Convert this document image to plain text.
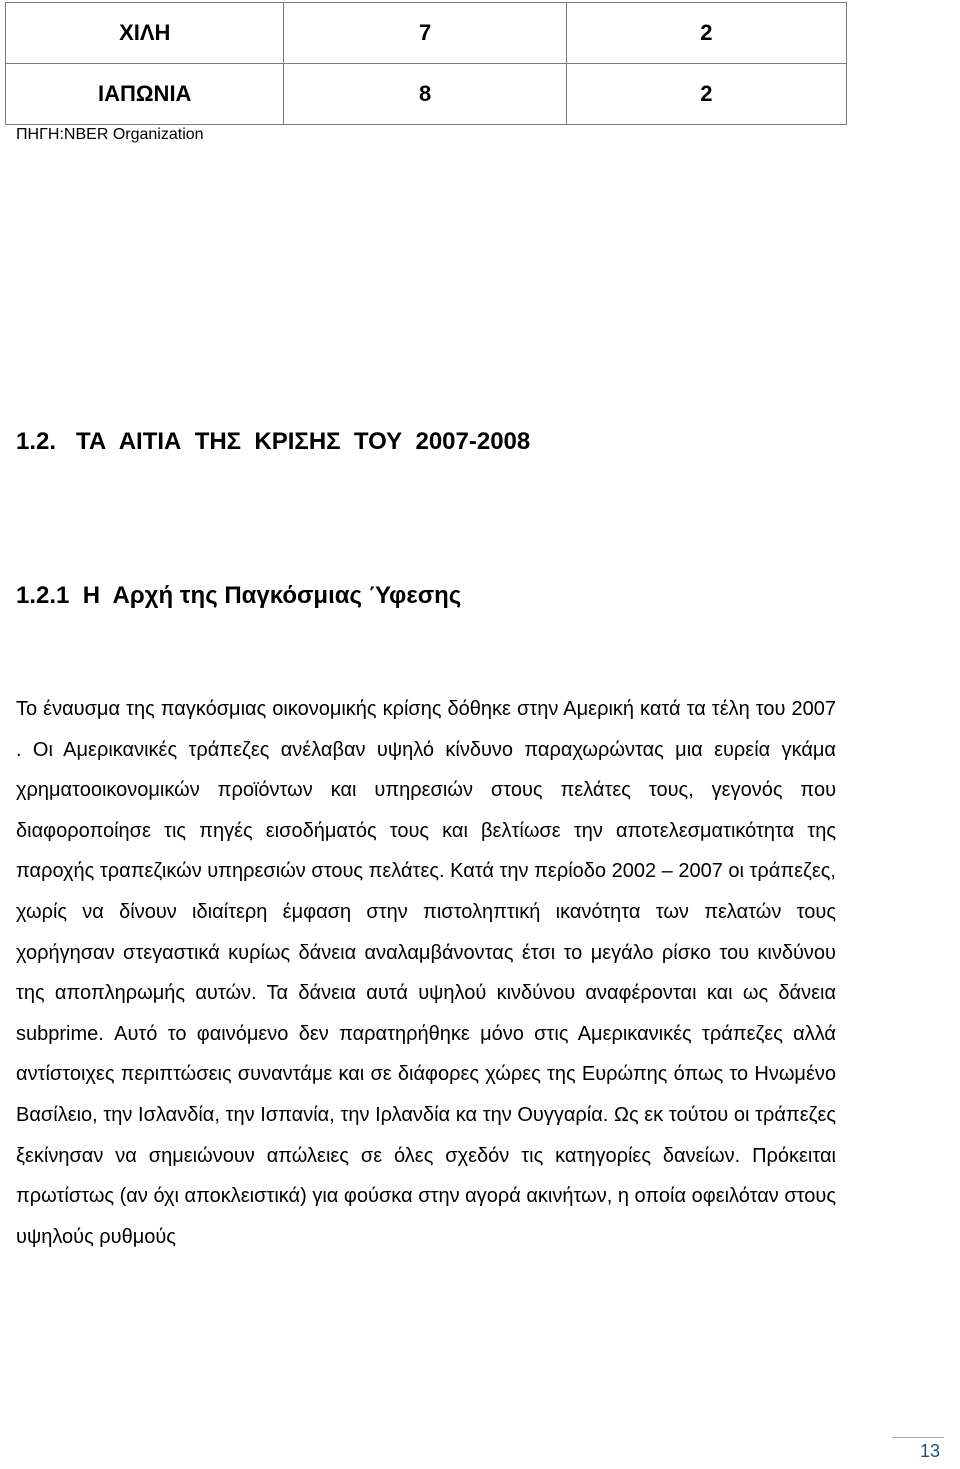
ΧΙΛΗ	7	2
ΙΑΠΩΝΙΑ	8	2
ΠΗΓΗ:NBER Organization
1.2.   ΤΑ  ΑΙΤΙΑ  ΤΗΣ  ΚΡΙΣΗΣ  ΤΟΥ  2007-2008
1.2.1  Η  Αρχή της Παγκόσμιας Ύφεσης

Το έναυσμα της παγκόσμιας οικονομικής κρίσης δόθηκε στην Αμερική κατά τα τέλη του 2007 . Οι Αμερικανικές τράπεζες ανέλαβαν υψηλό κίνδυνο παραχωρώντας μια ευρεία γκάμα χρηματοοικονομικών προϊόντων και υπηρεσιών στους πελάτες τους, γεγονός που διαφοροποίησε τις πηγές εισοδήματός τους και βελτίωσε την αποτελεσματικότητα της παροχής τραπεζικών υπηρεσιών στους πελάτες. Κατά την περίοδο 2002 – 2007 οι τράπεζες, χωρίς να δίνουν ιδιαίτερη έμφαση στην πιστοληπτική ικανότητα των πελατών τους χορήγησαν στεγαστικά κυρίως δάνεια αναλαμβάνοντας έτσι το μεγάλο ρίσκο του κινδύνου της αποπληρωμής αυτών. Τα δάνεια αυτά υψηλού κινδύνου αναφέρονται και ως δάνεια subprime. Αυτό το φαινόμενο δεν παρατηρήθηκε μόνο στις Αμερικανικές τράπεζες αλλά αντίστοιχες περιπτώσεις συναντάμε και σε διάφορες χώρες της Ευρώπης όπως το Ηνωμένο Βασίλειο, την Ισλανδία, την Ισπανία, την Ιρλανδία κα την Ουγγαρία. Ως εκ τούτου οι τράπεζες ξεκίνησαν να σημειώνουν απώλειες σε όλες σχεδόν τις κατηγορίες δανείων. Πρόκειται πρωτίστως (αν όχι αποκλειστικά) για φούσκα στην αγορά ακινήτων, η οποία οφειλόταν στους υψηλούς ρυθμούς

13
